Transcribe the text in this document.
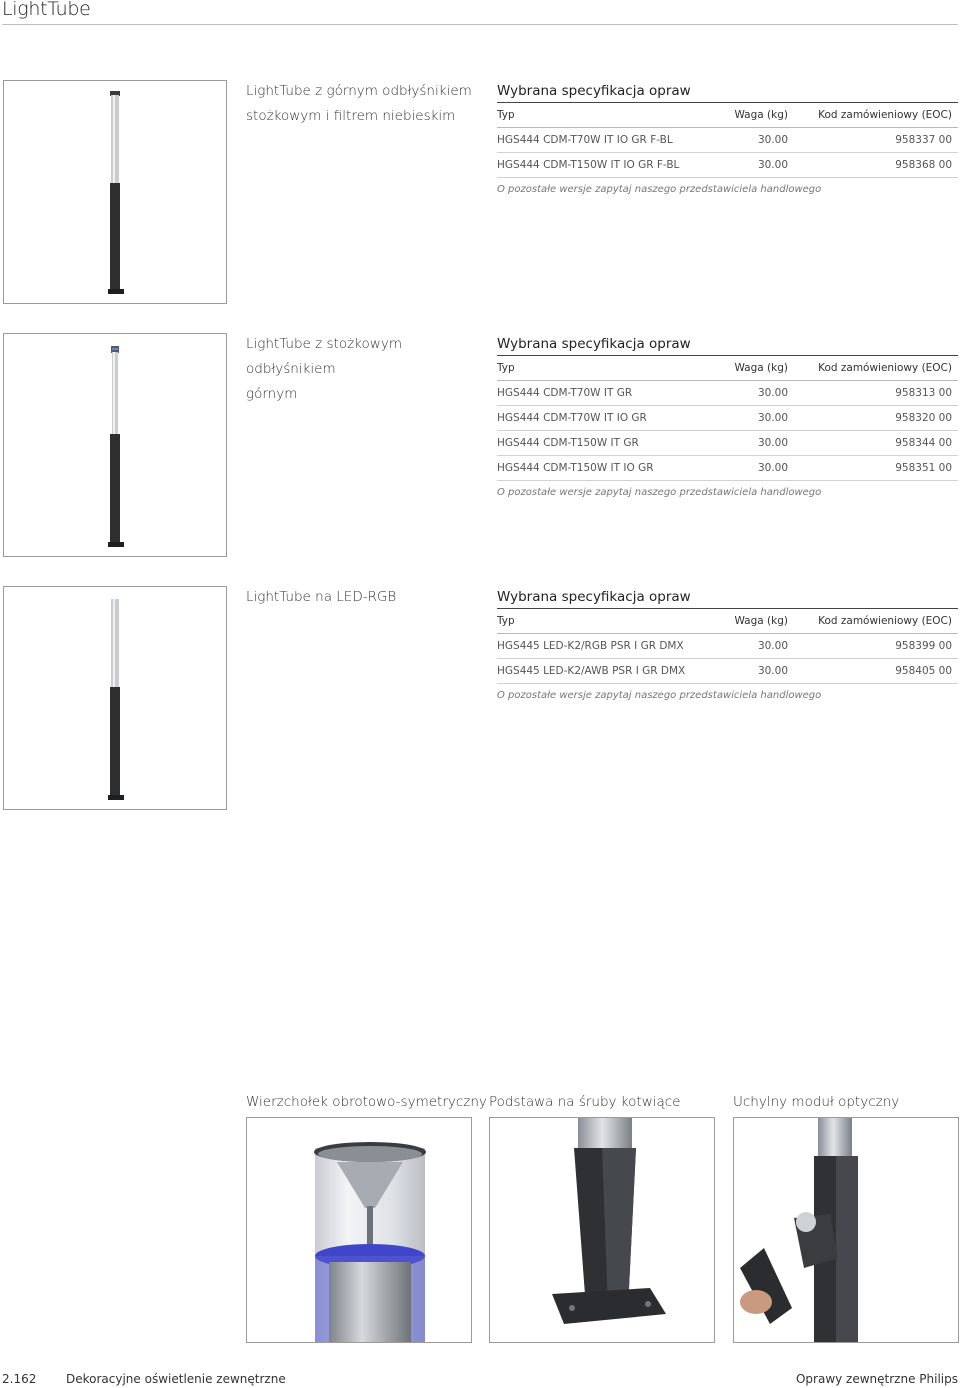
LightTube
LightTube z górnym odbłyśnikiem
stożkowym i filtrem niebieskim
Wybrana specyfikacja opraw
Typ	Waga (kg)	Kod zamówieniowy (EOC)
HGS444 CDM-T70W IT IO GR F-BL	30.00	958337 00
HGS444 CDM-T150W IT IO GR F-BL	30.00	958368 00
O pozostałe wersje zapytaj naszego przedstawiciela handlowego
LightTube z stożkowym odbłyśnikiem
górnym
Wybrana specyfikacja opraw
Typ	Waga (kg)	Kod zamówieniowy (EOC)
HGS444 CDM-T70W IT GR	30.00	958313 00
HGS444 CDM-T70W IT IO GR	30.00	958320 00
HGS444 CDM-T150W IT GR	30.00	958344 00
HGS444 CDM-T150W IT IO GR	30.00	958351 00
O pozostałe wersje zapytaj naszego przedstawiciela handlowego
LightTube na LED-RGB	Wybrana specyfikacja opraw
Typ	Waga (kg)	Kod zamówieniowy (EOC)
HGS445 LED-K2/RGB PSR I GR DMX	30.00	958399 00
HGS445 LED-K2/AWB PSR I GR DMX	30.00	958405 00
O pozostałe wersje zapytaj naszego przedstawiciela handlowego
Wierzchołek obrotowo-symetryczny Podstawa na śruby kotwiące	Uchylny moduł optyczny
2.162 Dekoracyjne oświetlenie zewnętrzne	Oprawy zewnętrzne Philips
